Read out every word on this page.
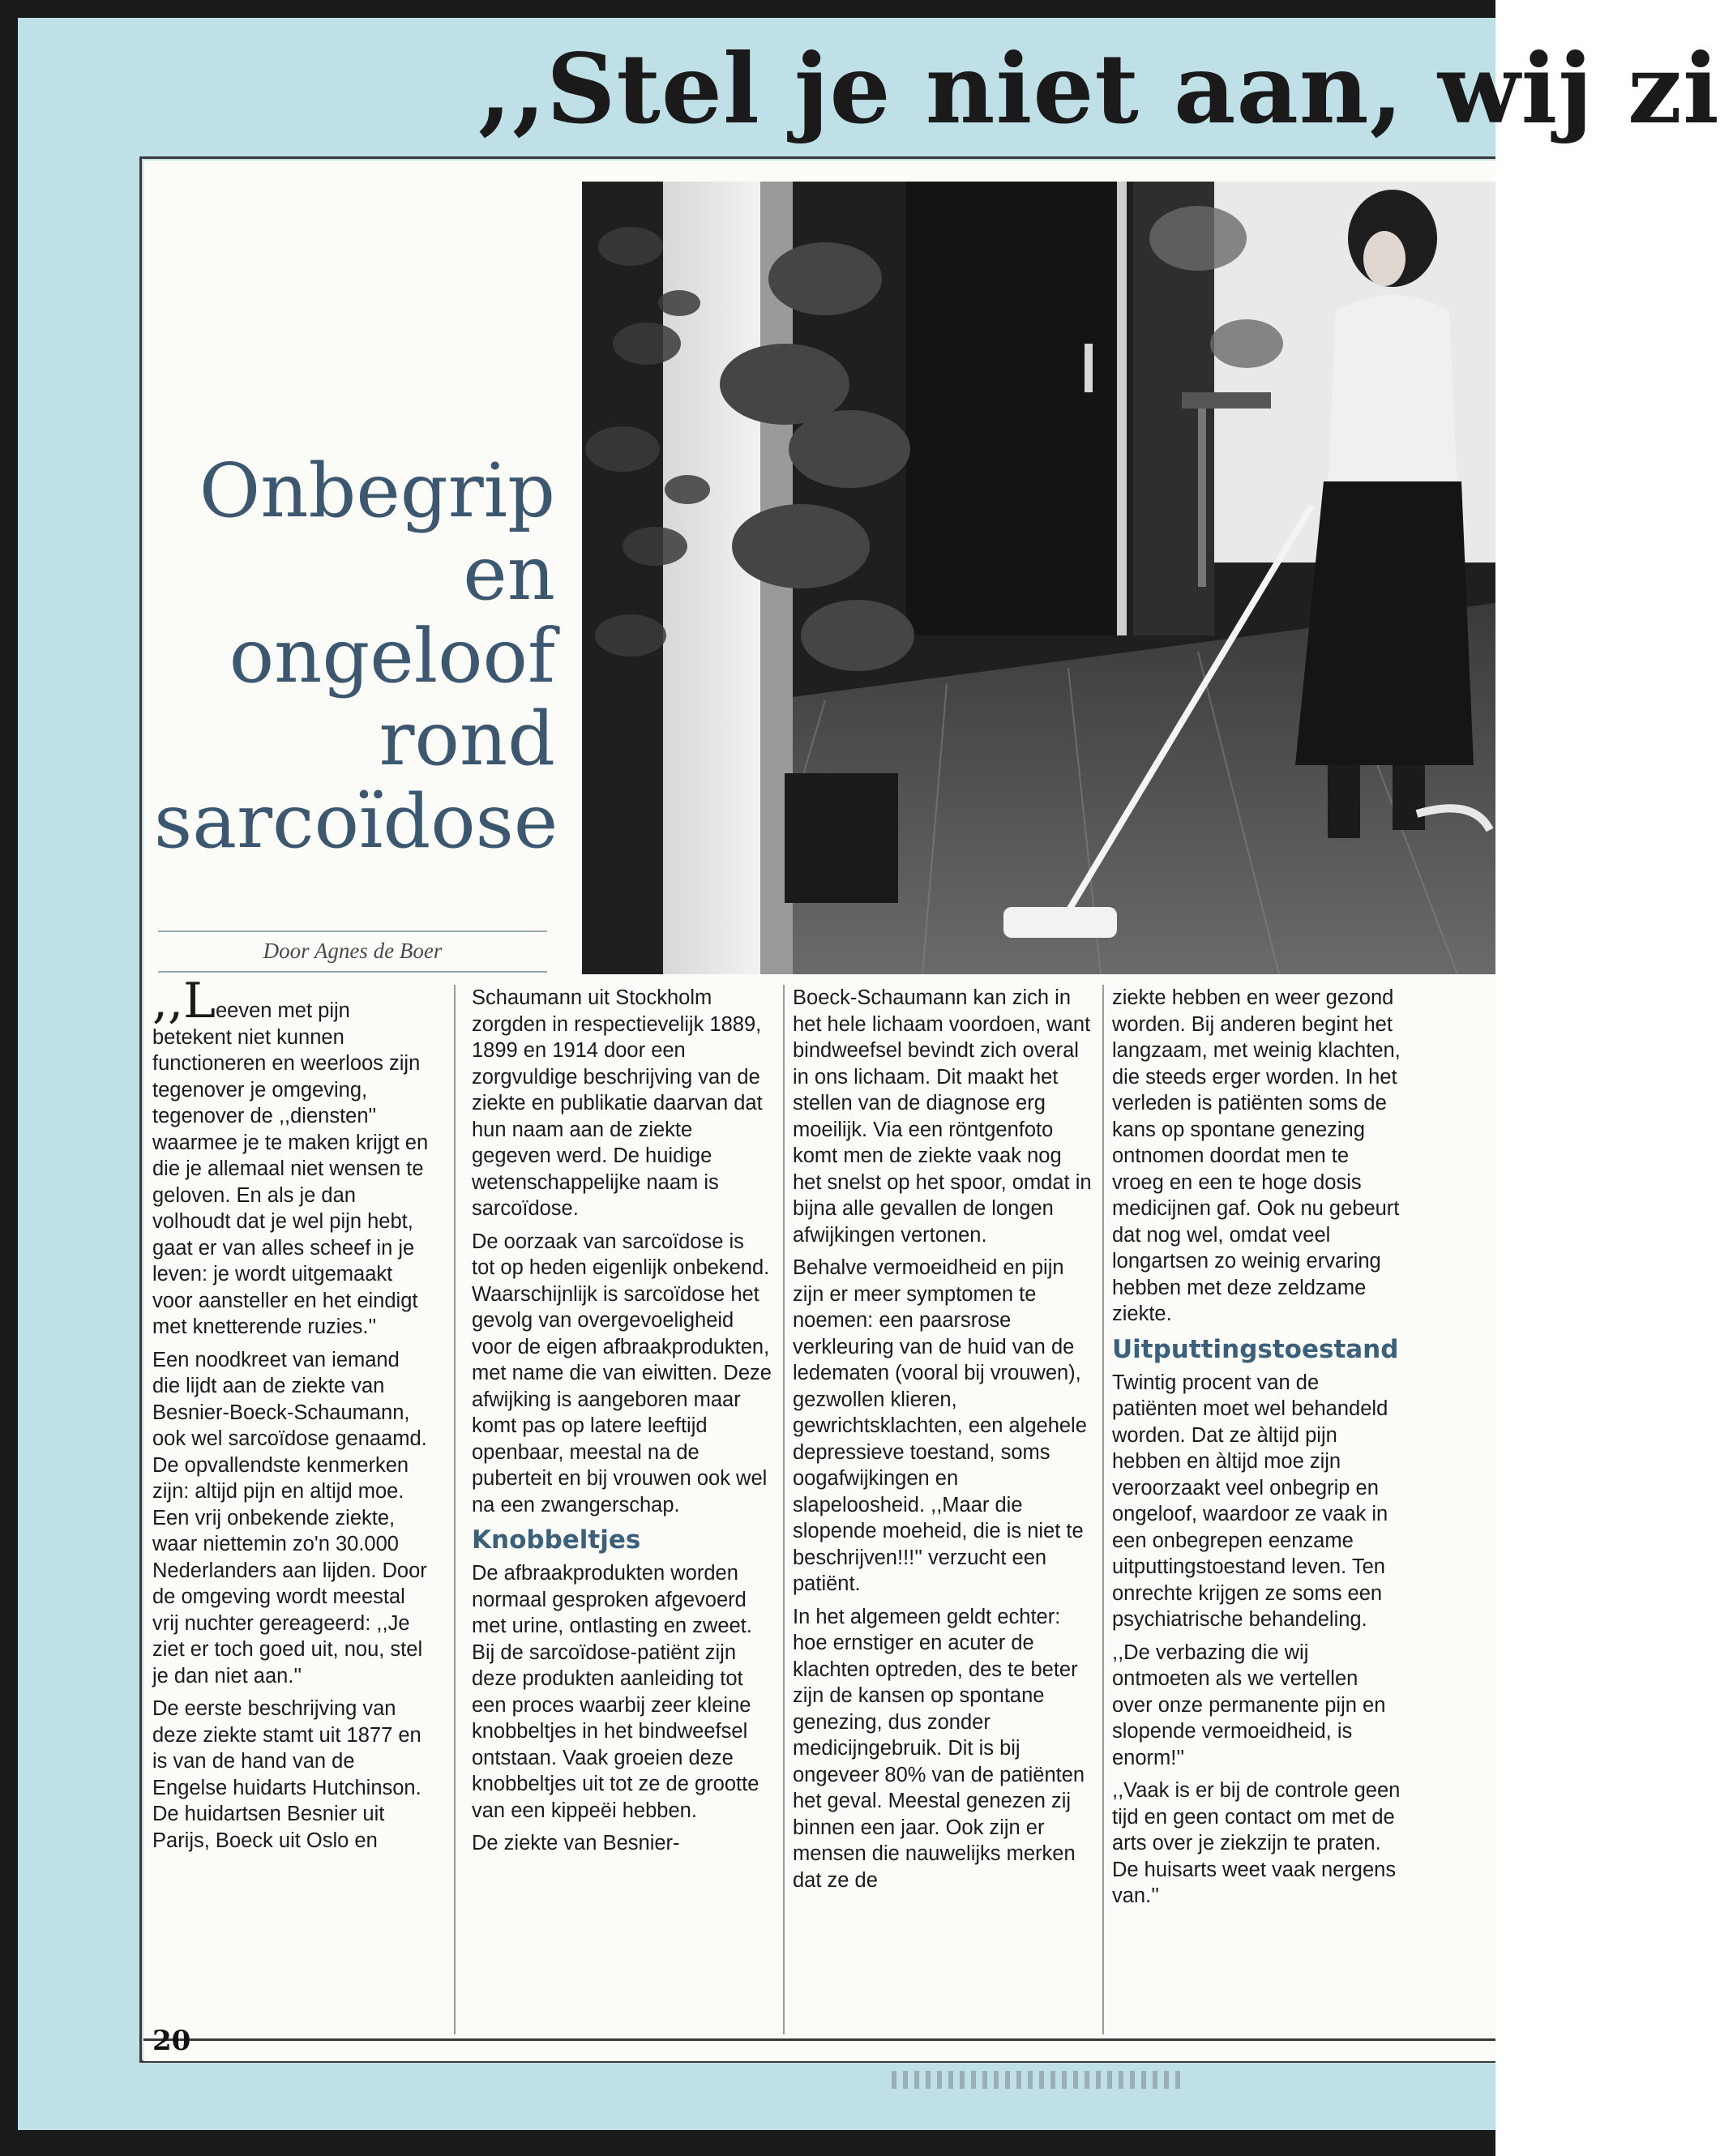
,,Stel je niet aan, wij zi
Onbegrip
en
ongeloof
rond
sarcoïdose
Door Agnes de Boer

,,Leeven met pijn betekent niet kunnen functioneren en weerloos zijn tegenover je omgeving, tegenover de ,,diensten'' waarmee je te maken krijgt en die je allemaal niet wensen te geloven. En als je dan volhoudt dat je wel pijn hebt, gaat er van alles scheef in je leven: je wordt uitgemaakt voor aansteller en het eindigt met knetterende ruzies.''

Een noodkreet van iemand die lijdt aan de ziekte van Besnier-Boeck-Schaumann, ook wel sarcoïdose genaamd. De opvallendste kenmerken zijn: altijd pijn en altijd moe. Een vrij onbekende ziekte, waar niettemin zo'n 30.000 Nederlanders aan lijden. Door de omgeving wordt meestal vrij nuchter gereageerd: ,,Je ziet er toch goed uit, nou, stel je dan niet aan.''

De eerste beschrijving van deze ziekte stamt uit 1877 en is van de hand van de Engelse huidarts Hutchinson. De huidartsen Besnier uit Parijs, Boeck uit Oslo en

Schaumann uit Stockholm zorgden in respectievelijk 1889, 1899 en 1914 door een zorgvuldige beschrijving van de ziekte en publikatie daarvan dat hun naam aan de ziekte gegeven werd. De huidige wetenschappelijke naam is sarcoïdose.

De oorzaak van sarcoïdose is tot op heden eigenlijk onbekend. Waarschijnlijk is sarcoïdose het gevolg van overgevoeligheid voor de eigen afbraakprodukten, met name die van eiwitten. Deze afwijking is aangeboren maar komt pas op latere leeftijd openbaar, meestal na de puberteit en bij vrouwen ook wel na een zwangerschap.

Knobbeltjes

De afbraakprodukten worden normaal gesproken afgevoerd met urine, ontlasting en zweet. Bij de sarcoïdose-patiënt zijn deze produkten aanleiding tot een proces waarbij zeer kleine knobbeltjes in het bindweefsel ontstaan. Vaak groeien deze knobbeltjes uit tot ze de grootte van een kippeëi hebben.

De ziekte van Besnier-

Boeck-Schaumann kan zich in het hele lichaam voordoen, want bindweefsel bevindt zich overal in ons lichaam. Dit maakt het stellen van de diagnose erg moeilijk. Via een röntgenfoto komt men de ziekte vaak nog het snelst op het spoor, omdat in bijna alle gevallen de longen afwijkingen vertonen.

Behalve vermoeidheid en pijn zijn er meer symptomen te noemen: een paarsrose verkleuring van de huid van de ledematen (vooral bij vrouwen), gezwollen klieren, gewrichtsklachten, een algehele depressieve toestand, soms oogafwijkingen en slapeloosheid. ,,Maar die slopende moeheid, die is niet te beschrijven!!!'' verzucht een patiënt.

In het algemeen geldt echter: hoe ernstiger en acuter de klachten optreden, des te beter zijn de kansen op spontane genezing, dus zonder medicijngebruik. Dit is bij ongeveer 80% van de patiënten het geval. Meestal genezen zij binnen een jaar. Ook zijn er mensen die nauwelijks merken dat ze de

ziekte hebben en weer gezond worden. Bij anderen begint het langzaam, met weinig klachten, die steeds erger worden. In het verleden is patiënten soms de kans op spontane genezing ontnomen doordat men te vroeg en een te hoge dosis medicijnen gaf. Ook nu gebeurt dat nog wel, omdat veel longartsen zo weinig ervaring hebben met deze zeldzame ziekte.

Uitputtingstoestand

Twintig procent van de patiënten moet wel behandeld worden. Dat ze àltijd pijn hebben en àltijd moe zijn veroorzaakt veel onbegrip en ongeloof, waardoor ze vaak in een onbegrepen eenzame uitputtingstoestand leven. Ten onrechte krijgen ze soms een psychiatrische behandeling.

,,De verbazing die wij ontmoeten als we vertellen over onze permanente pijn en slopende vermoeidheid, is enorm!''

,,Vaak is er bij de controle geen tijd en geen contact om met de arts over je ziekzijn te praten. De huisarts weet vaak nergens van.''

20
